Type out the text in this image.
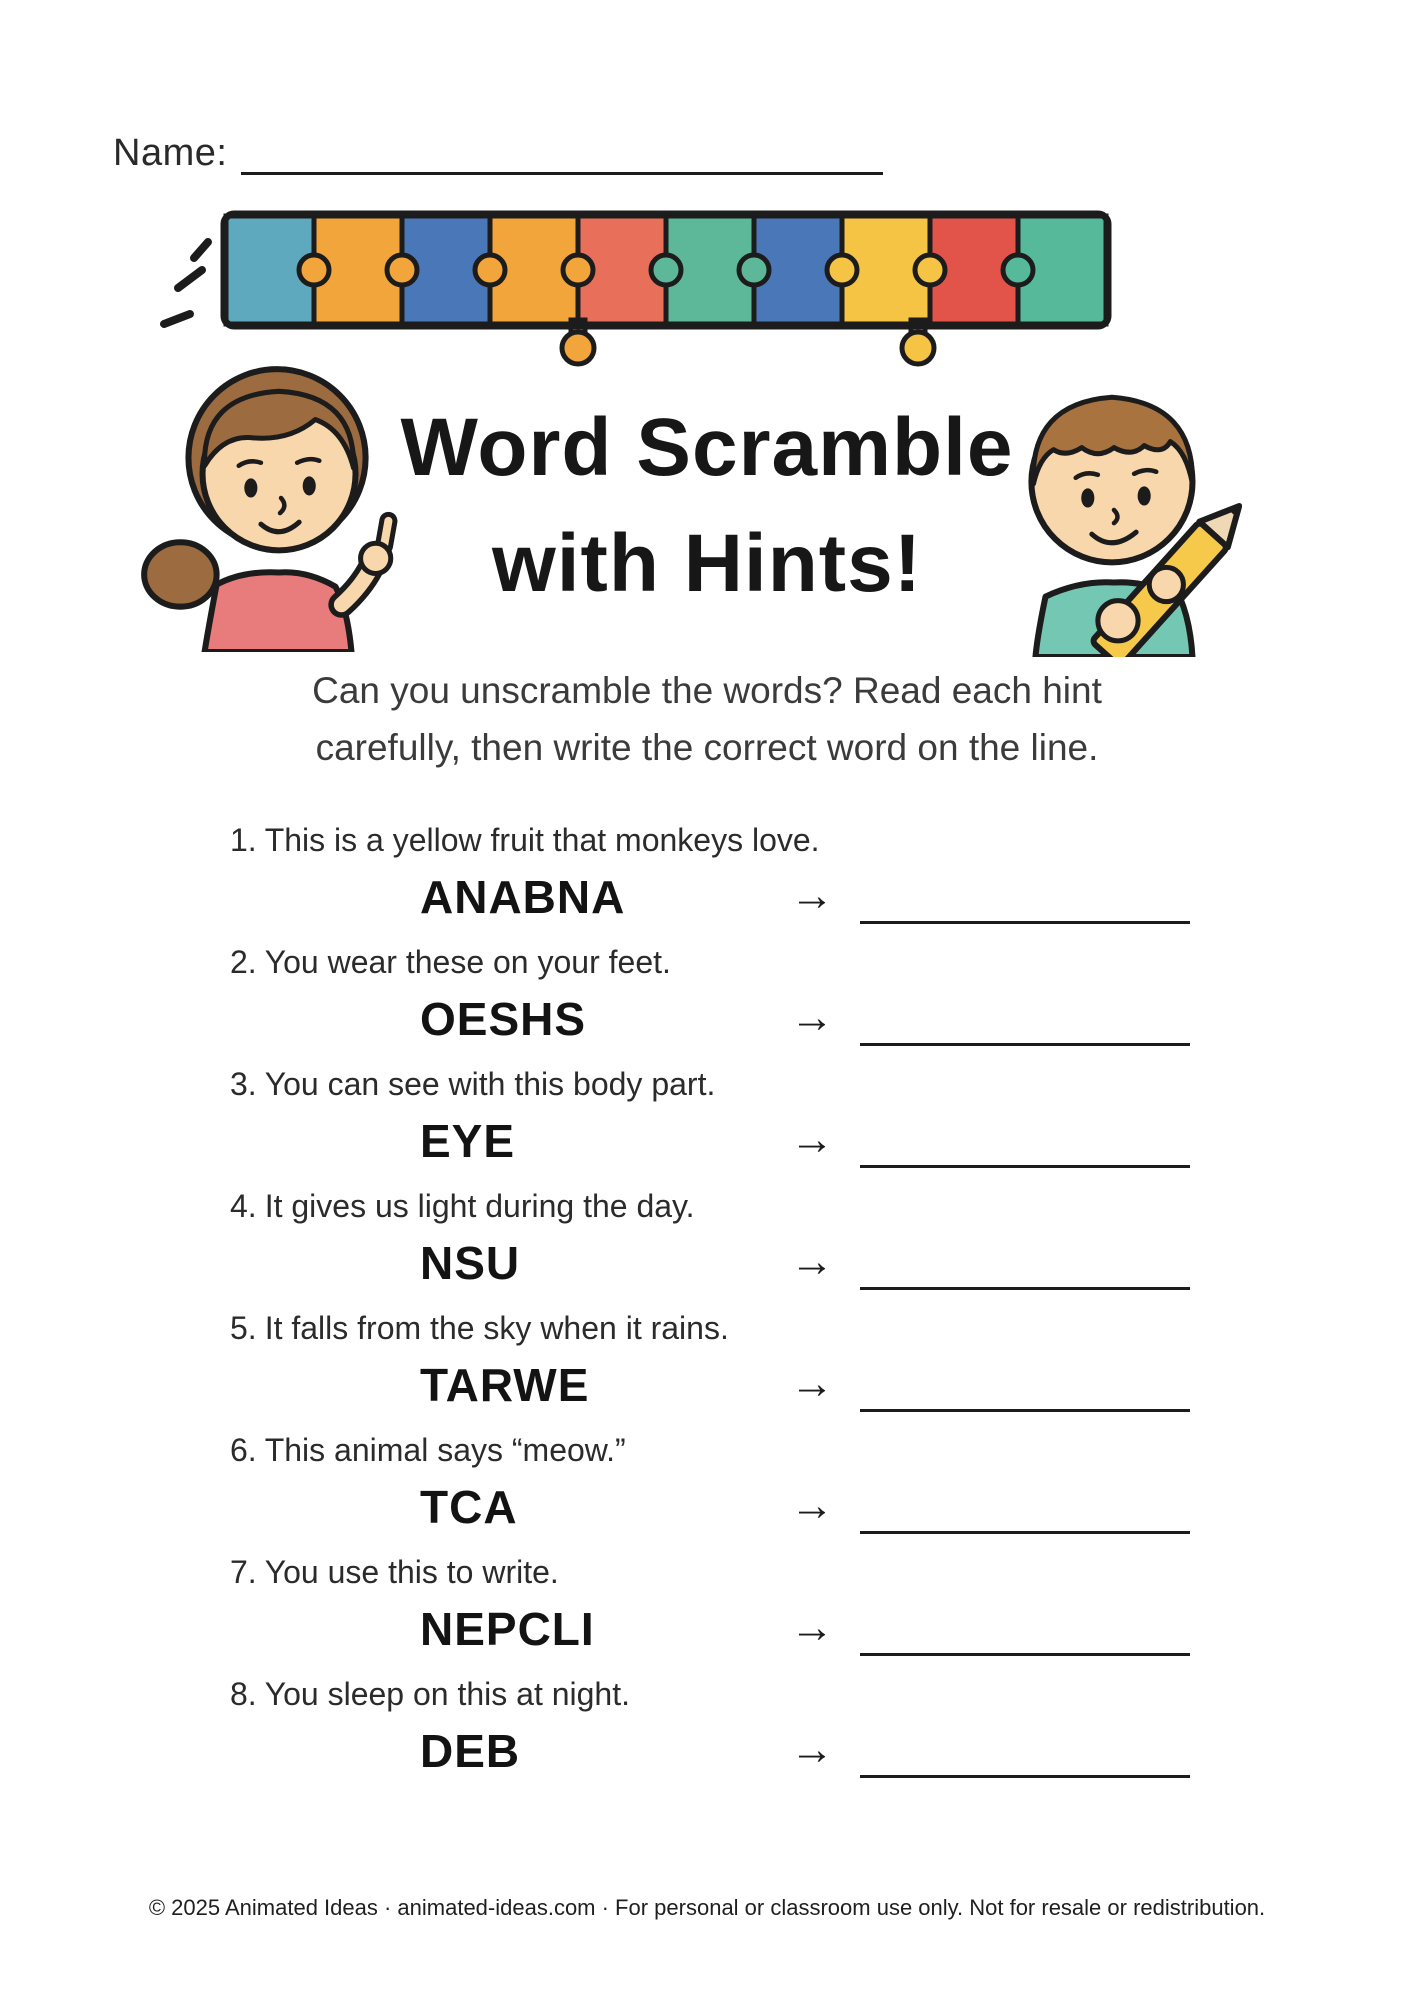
Name:
Word Scramble
with Hints!
Can you unscramble the words? Read each hint
carefully, then write the correct word on the line.
1. This is a yellow fruit that monkeys love.
ANABNA	→
2. You wear these on your feet.
OESHS	→
3. You can see with this body part.
EYE	→
4. It gives us light during the day.
NSU	→
5. It falls from the sky when it rains.
TARWE	→
6. This animal says “meow.”
TCA	→
7. You use this to write.
NEPCLI	→
8. You sleep on this at night.
DEB	→
© 2025 Animated Ideas · animated-ideas.com · For personal or classroom use only. Not for resale or redistribution.
